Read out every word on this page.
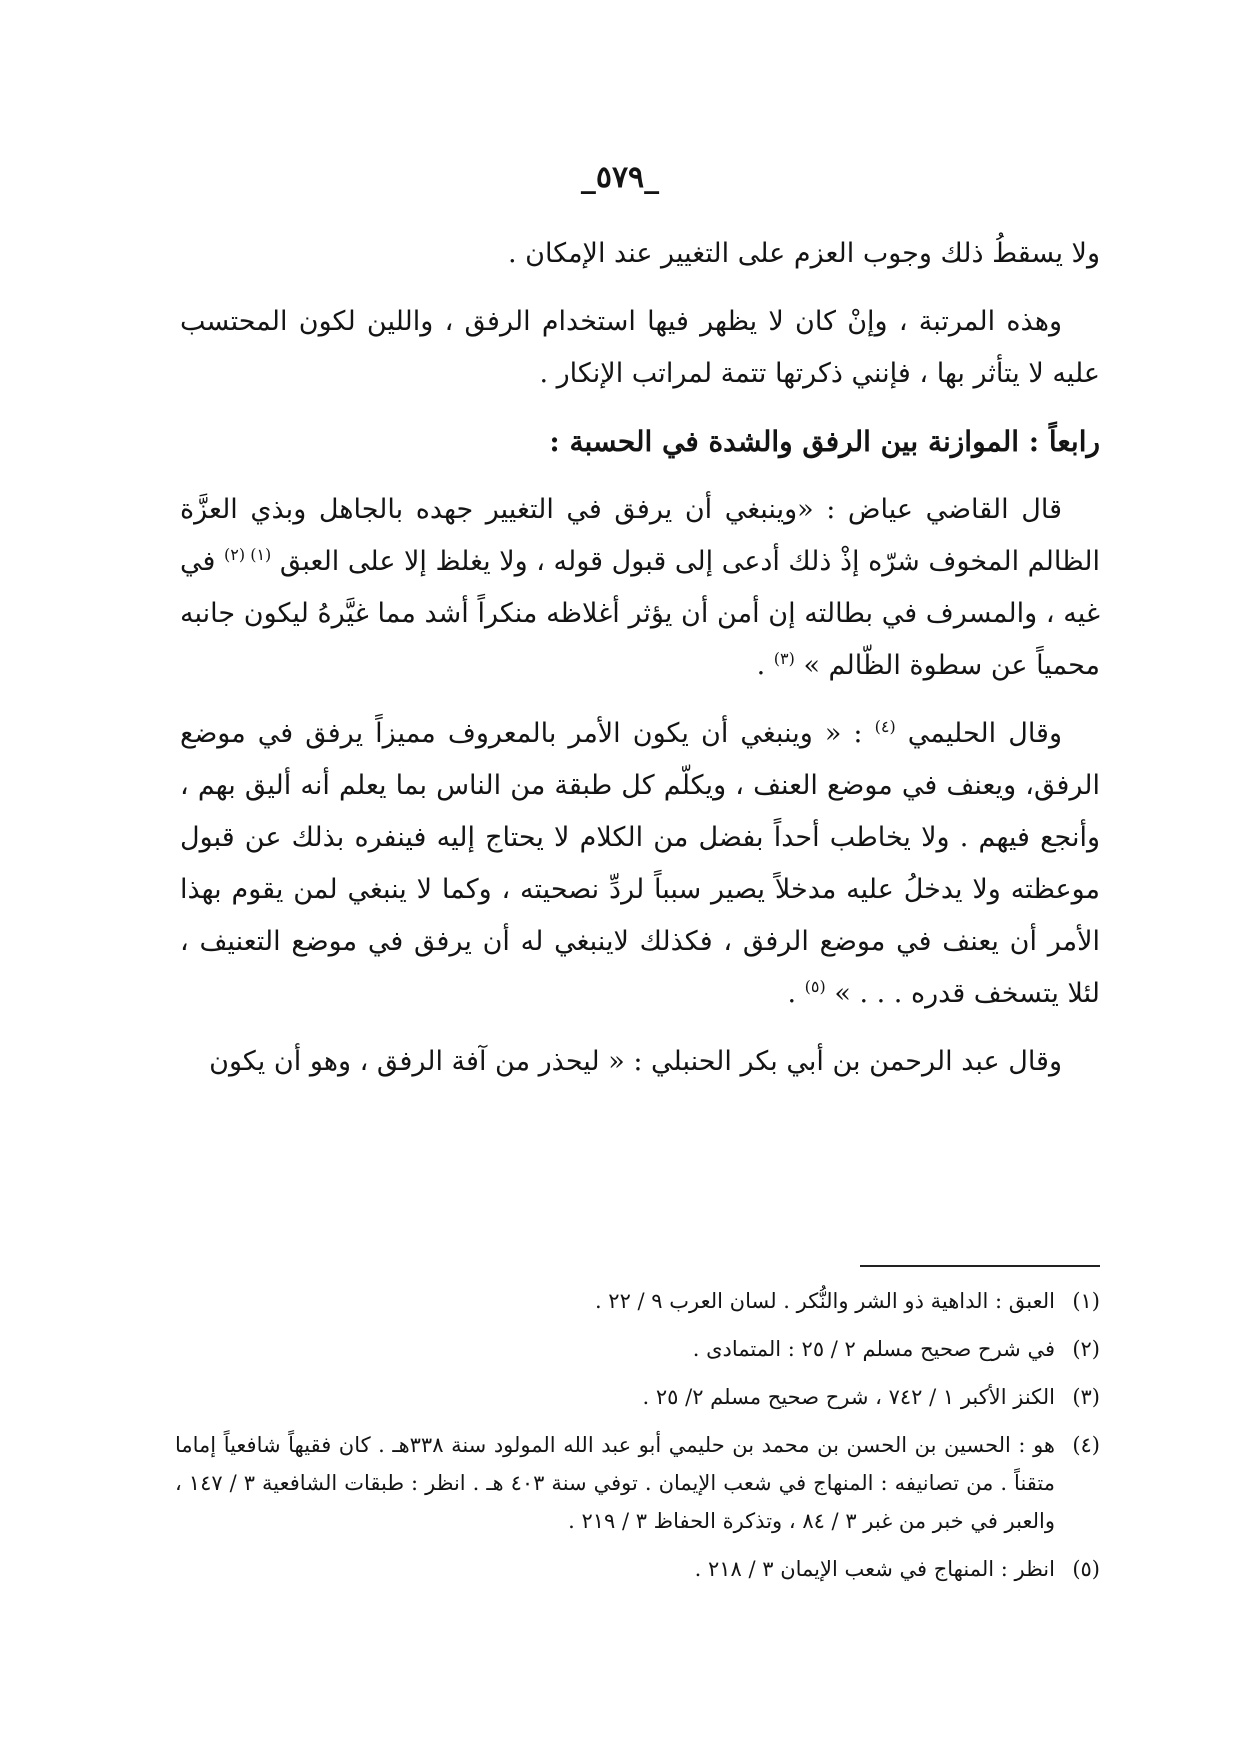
_٥٧٩_

ولا يسقطُ ذلك وجوب العزم على التغيير عند الإمكان .

وهذه المرتبة ، وإنْ كان لا يظهر فيها استخدام الرفق ، واللين لكون المحتسب عليه لا يتأثر بها ، فإنني ذكرتها تتمة لمراتب الإنكار .

رابعاً : الموازنة بين الرفق والشدة في الحسبة :

قال القاضي عياض : «وينبغي أن يرفق في التغيير جهده بالجاهل وبذي العزَّة الظالم المخوف شرّه إذْ ذلك أدعى إلى قبول قوله ، ولا يغلظ إلا على العبق $^{(١) (٢)}$ في غيه ، والمسرف في بطالته إن أمن أن يؤثر أغلاظه منكراً أشد مما غيَّرهُ ليكون جانبه محمياً عن سطوة الظّالم » $^{(٣)}$ .

وقال الحليمي $^{(٤)}$ : « وينبغي أن يكون الأمر بالمعروف مميزاً يرفق في موضع الرفق، ويعنف في موضع العنف ، ويكلّم كل طبقة من الناس بما يعلم أنه أليق بهم ، وأنجع فيهم . ولا يخاطب أحداً بفضل من الكلام لا يحتاج إليه فينفره بذلك عن قبول موعظته ولا يدخلُ عليه مدخلاً يصير سبباً لردِّ نصحيته ، وكما لا ينبغي لمن يقوم بهذا الأمر أن يعنف في موضع الرفق ، فكذلك لاينبغي له أن يرفق في موضع التعنيف ، لئلا يتسخف قدره . . . » $^{(٥)}$ .

وقال عبد الرحمن بن أبي بكر الحنبلي : « ليحذر من آفة الرفق ، وهو أن يكون

(١)العبق : الداهية ذو الشر والنُّكر . لسان العرب ٩ / ٢٢ .
(٢)في شرح صحيح مسلم ٢ / ٢٥ : المتمادى .
(٣)الكنز الأكبر ١ / ٧٤٢ ، شرح صحيح مسلم ٢/ ٢٥ .
(٤)هو : الحسين بن الحسن بن محمد بن حليمي أبو عبد الله المولود سنة ٣٣٨هـ . كان فقيهاً شافعياً إماما متقناً . من تصانيفه : المنهاج في شعب الإيمان . توفي سنة ٤٠٣ هـ . انظر : طبقات الشافعية ٣ / ١٤٧ ، والعبر في خبر من غبر ٣ / ٨٤ ، وتذكرة الحفاظ ٣ / ٢١٩ .
(٥)انظر : المنهاج في شعب الإيمان ٣ / ٢١٨ .
